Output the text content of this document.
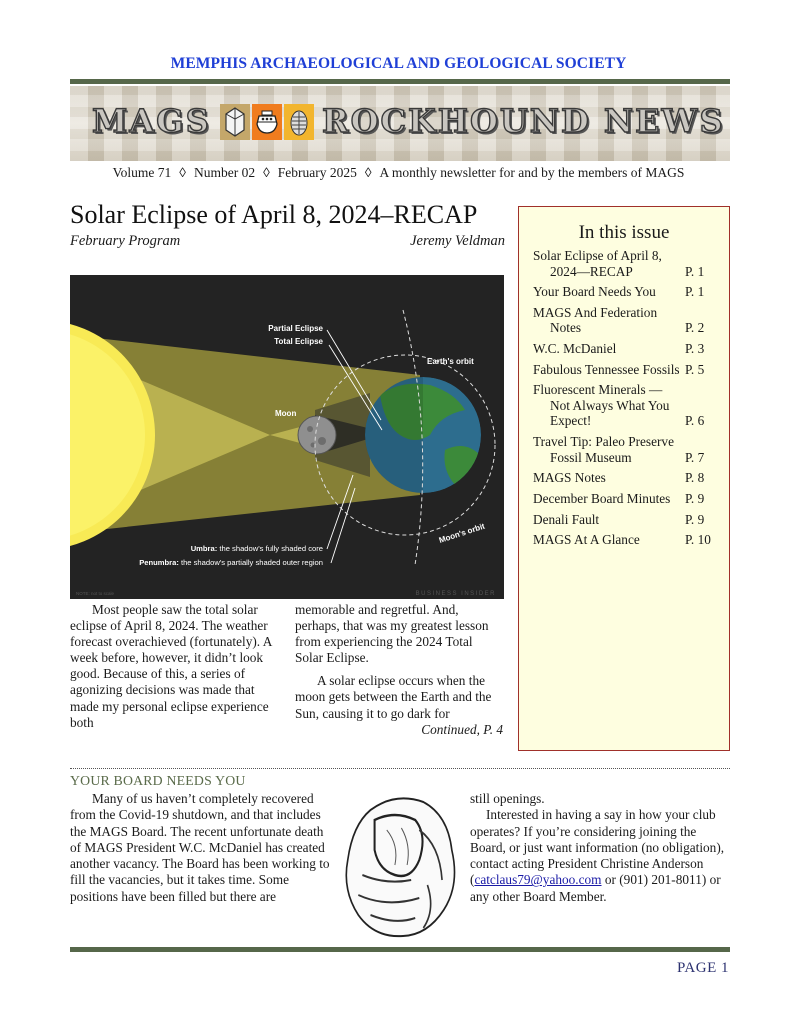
MEMPHIS ARCHAEOLOGICAL AND GEOLOGICAL SOCIETY
MAGS	ROCKHOUND NEWS
Volume 71 ◊ Number 02 ◊ February 2025 ◊ A monthly newsletter for and by the members of MAGS
Solar Eclipse of April 8, 2024–RECAP
February Program	Jeremy Veldman
Partial Eclipse
Total Eclipse
Earth's orbit
Moon
Moon's orbit
Umbra: the shadow's fully shaded core
Penumbra: the shadow's partially shaded outer region
NOTE: not to scale	BUSINESS INSIDER
Most people saw the total solar eclipse of April 8, 2024. The weather forecast overachieved (fortunately). A week before, however, it didn’t look good. Because of this, a series of agonizing decisions was made that made my personal eclipse experience both
memorable and regretful. And, perhaps, that was my greatest lesson from experiencing the 2024 Total Solar Eclipse.
A solar eclipse occurs when the moon gets between the Earth and the Sun, causing it to go dark for
Continued, P. 4
In this issue
Solar Eclipse of April 8, 2024—RECAP	P. 1
Your Board Needs You	P. 1
MAGS And Federation Notes	P. 2
W.C. McDaniel	P. 3
Fabulous Tennessee Fossils P. 5
Fluorescent Minerals —Not Always What You Expect!	P. 6
Travel Tip: Paleo Preserve Fossil Museum	P. 7
MAGS Notes	P. 8
December Board Minutes	P. 9
Denali Fault	P. 9
MAGS At A Glance	P. 10
YOUR BOARD NEEDS YOU
Many of us haven’t completely recovered from the Covid-19 shutdown, and that includes the MAGS Board. The recent unfortunate death of MAGS President W.C. McDaniel has created another vacancy. The Board has been working to fill the vacancies, but it takes time. Some positions have been filled but there are
still openings.
Interested in having a say in how your club operates? If you’re considering joining the Board, or just want information (no obligation), contact acting President Christine Anderson (catclaus79@yahoo.com or (901) 201-8011) or any other Board Member.
PAGE 1
